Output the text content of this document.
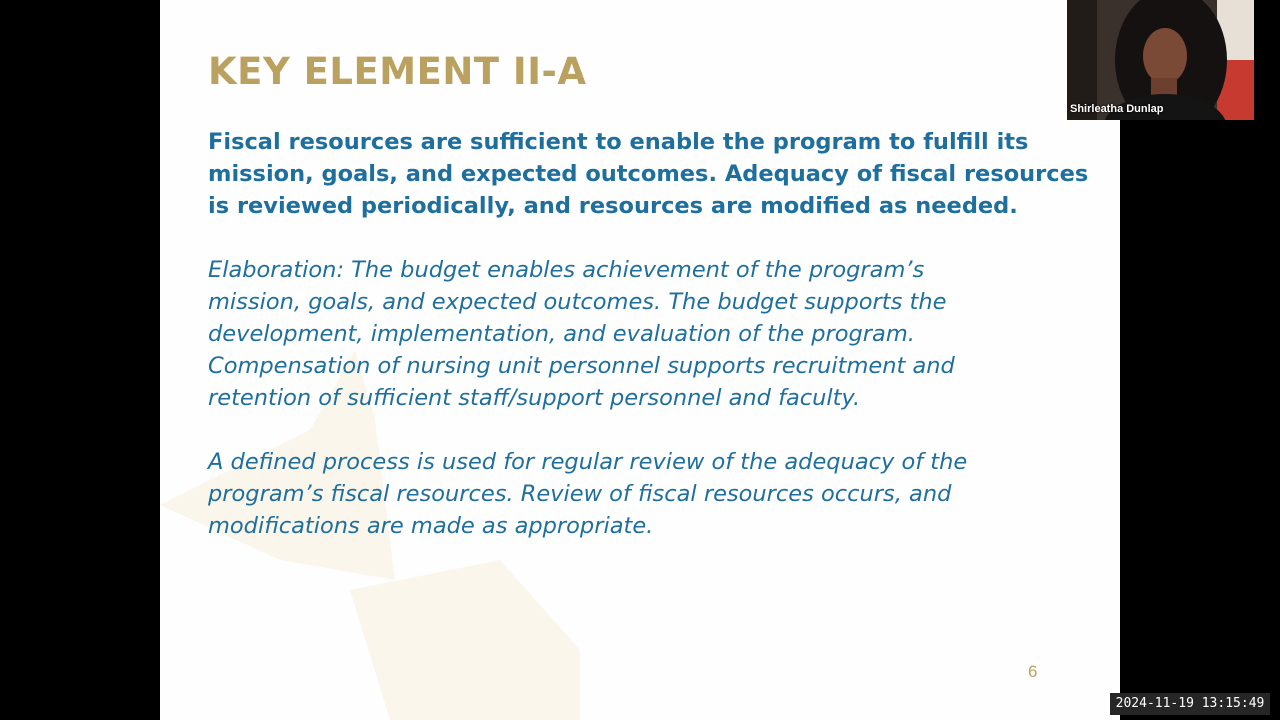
KEY ELEMENT II-A

Fiscal resources are sufficient to enable the program to fulfill its
mission, goals, and expected outcomes. Adequacy of fiscal resources
is reviewed periodically, and resources are modified as needed.

Elaboration: The budget enables achievement of the program’s
mission, goals, and expected outcomes. The budget supports the
development, implementation, and evaluation of the program.
Compensation of nursing unit personnel supports recruitment and
retention of sufficient staff/support personnel and faculty.

A defined process is used for regular review of the adequacy of the
program’s fiscal resources. Review of fiscal resources occurs, and
modifications are made as appropriate.

6
Shirleatha Dunlap
2024-11-19 13:15:49
